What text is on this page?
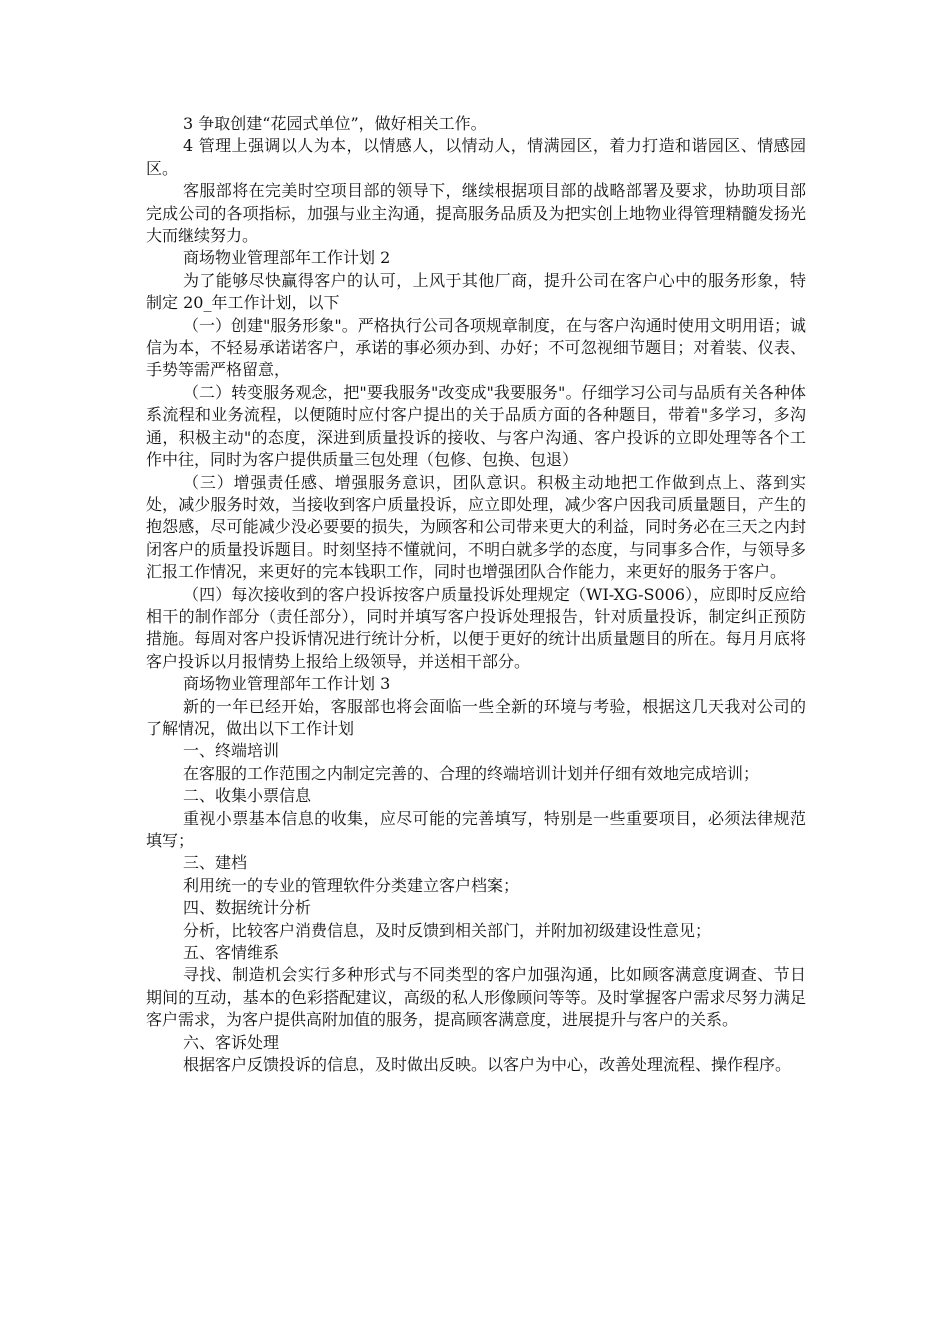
3 争取创建“花园式单位”，做好相关工作。

4 管理上强调以人为本，以情感人，以情动人，情满园区，着力打造和谐园区、情感园区。

客服部将在完美时空项目部的领导下，继续根据项目部的战略部署及要求，协助项目部完成公司的各项指标，加强与业主沟通，提高服务品质及为把实创上地物业得管理精髓发扬光大而继续努力。

商场物业管理部年工作计划 2

为了能够尽快赢得客户的认可，上风于其他厂商，提升公司在客户心中的服务形象，特制定 20_年工作计划，以下

（一）创建"服务形象"。严格执行公司各项规章制度，在与客户沟通时使用文明用语；诚信为本，不轻易承诺诺客户，承诺的事必须办到、办好；不可忽视细节题目；对着装、仪表、手势等需严格留意，

（二）转变服务观念，把"要我服务"改变成"我要服务"。仔细学习公司与品质有关各种体系流程和业务流程，以便随时应付客户提出的关于品质方面的各种题目，带着"多学习，多沟通，积极主动"的态度，深进到质量投诉的接收、与客户沟通、客户投诉的立即处理等各个工作中往，同时为客户提供质量三包处理（包修、包换、包退）

（三）增强责任感、增强服务意识，团队意识。积极主动地把工作做到点上、落到实处，减少服务时效，当接收到客户质量投诉，应立即处理，减少客户因我司质量题目，产生的抱怨感，尽可能减少没必要要的损失，为顾客和公司带来更大的利益，同时务必在三天之内封闭客户的质量投诉题目。时刻坚持不懂就问，不明白就多学的态度，与同事多合作，与领导多汇报工作情况，来更好的完本钱职工作，同时也增强团队合作能力，来更好的服务于客户。

（四）每次接收到的客户投诉按客户质量投诉处理规定（WI-XG-S006），应即时反应给相干的制作部分（责任部分），同时并填写客户投诉处理报告，针对质量投诉，制定纠正预防措施。每周对客户投诉情况进行统计分析，以便于更好的统计出质量题目的所在。每月月底将客户投诉以月报情势上报给上级领导，并送相干部分。

商场物业管理部年工作计划 3

新的一年已经开始，客服部也将会面临一些全新的环境与考验，根据这几天我对公司的了解情况，做出以下工作计划

一、终端培训

在客服的工作范围之内制定完善的、合理的终端培训计划并仔细有效地完成培训；

二、收集小票信息

重视小票基本信息的收集，应尽可能的完善填写，特别是一些重要项目，必须法律规范填写；

三、建档

利用统一的专业的管理软件分类建立客户档案；

四、数据统计分析

分析，比较客户消费信息，及时反馈到相关部门，并附加初级建设性意见；

五、客情维系

寻找、制造机会实行多种形式与不同类型的客户加强沟通，比如顾客满意度调查、节日期间的互动，基本的色彩搭配建议，高级的私人形像顾问等等。及时掌握客户需求尽努力满足客户需求，为客户提供高附加值的服务，提高顾客满意度，进展提升与客户的关系。

六、客诉处理

根据客户反馈投诉的信息，及时做出反映。以客户为中心，改善处理流程、操作程序。
